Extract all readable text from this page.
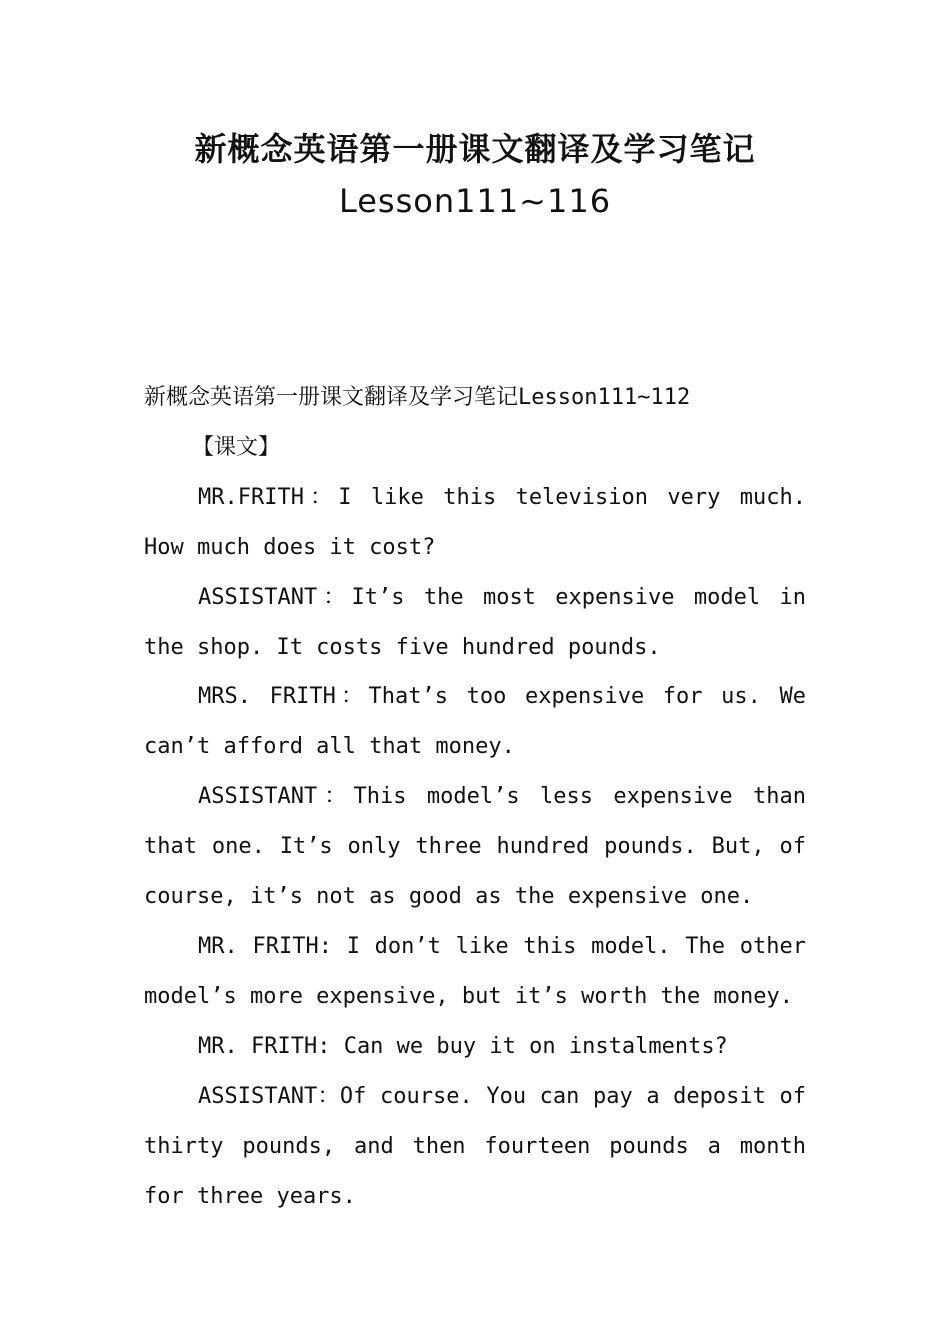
新概念英语第一册课文翻译及学习笔记
Lesson111~116

新概念英语第一册课文翻译及学习笔记Lesson111~112

【课文】

MR.FRITH：I like this television very much. How much does it cost?

ASSISTANT：It’s the most expensive model in the shop. It costs five hundred pounds.

MRS. FRITH：That’s too expensive for us. We can’t afford all that money.

ASSISTANT：This model’s less expensive than that one. It’s only three hundred pounds. But, of course, it’s not as good as the expensive one.

MR. FRITH: I don’t like this model. The other model’s more expensive, but it’s worth the money.

MR. FRITH: Can we buy it on instalments?

ASSISTANT：Of course. You can pay a deposit of thirty pounds, and then fourteen pounds a month for three years.
